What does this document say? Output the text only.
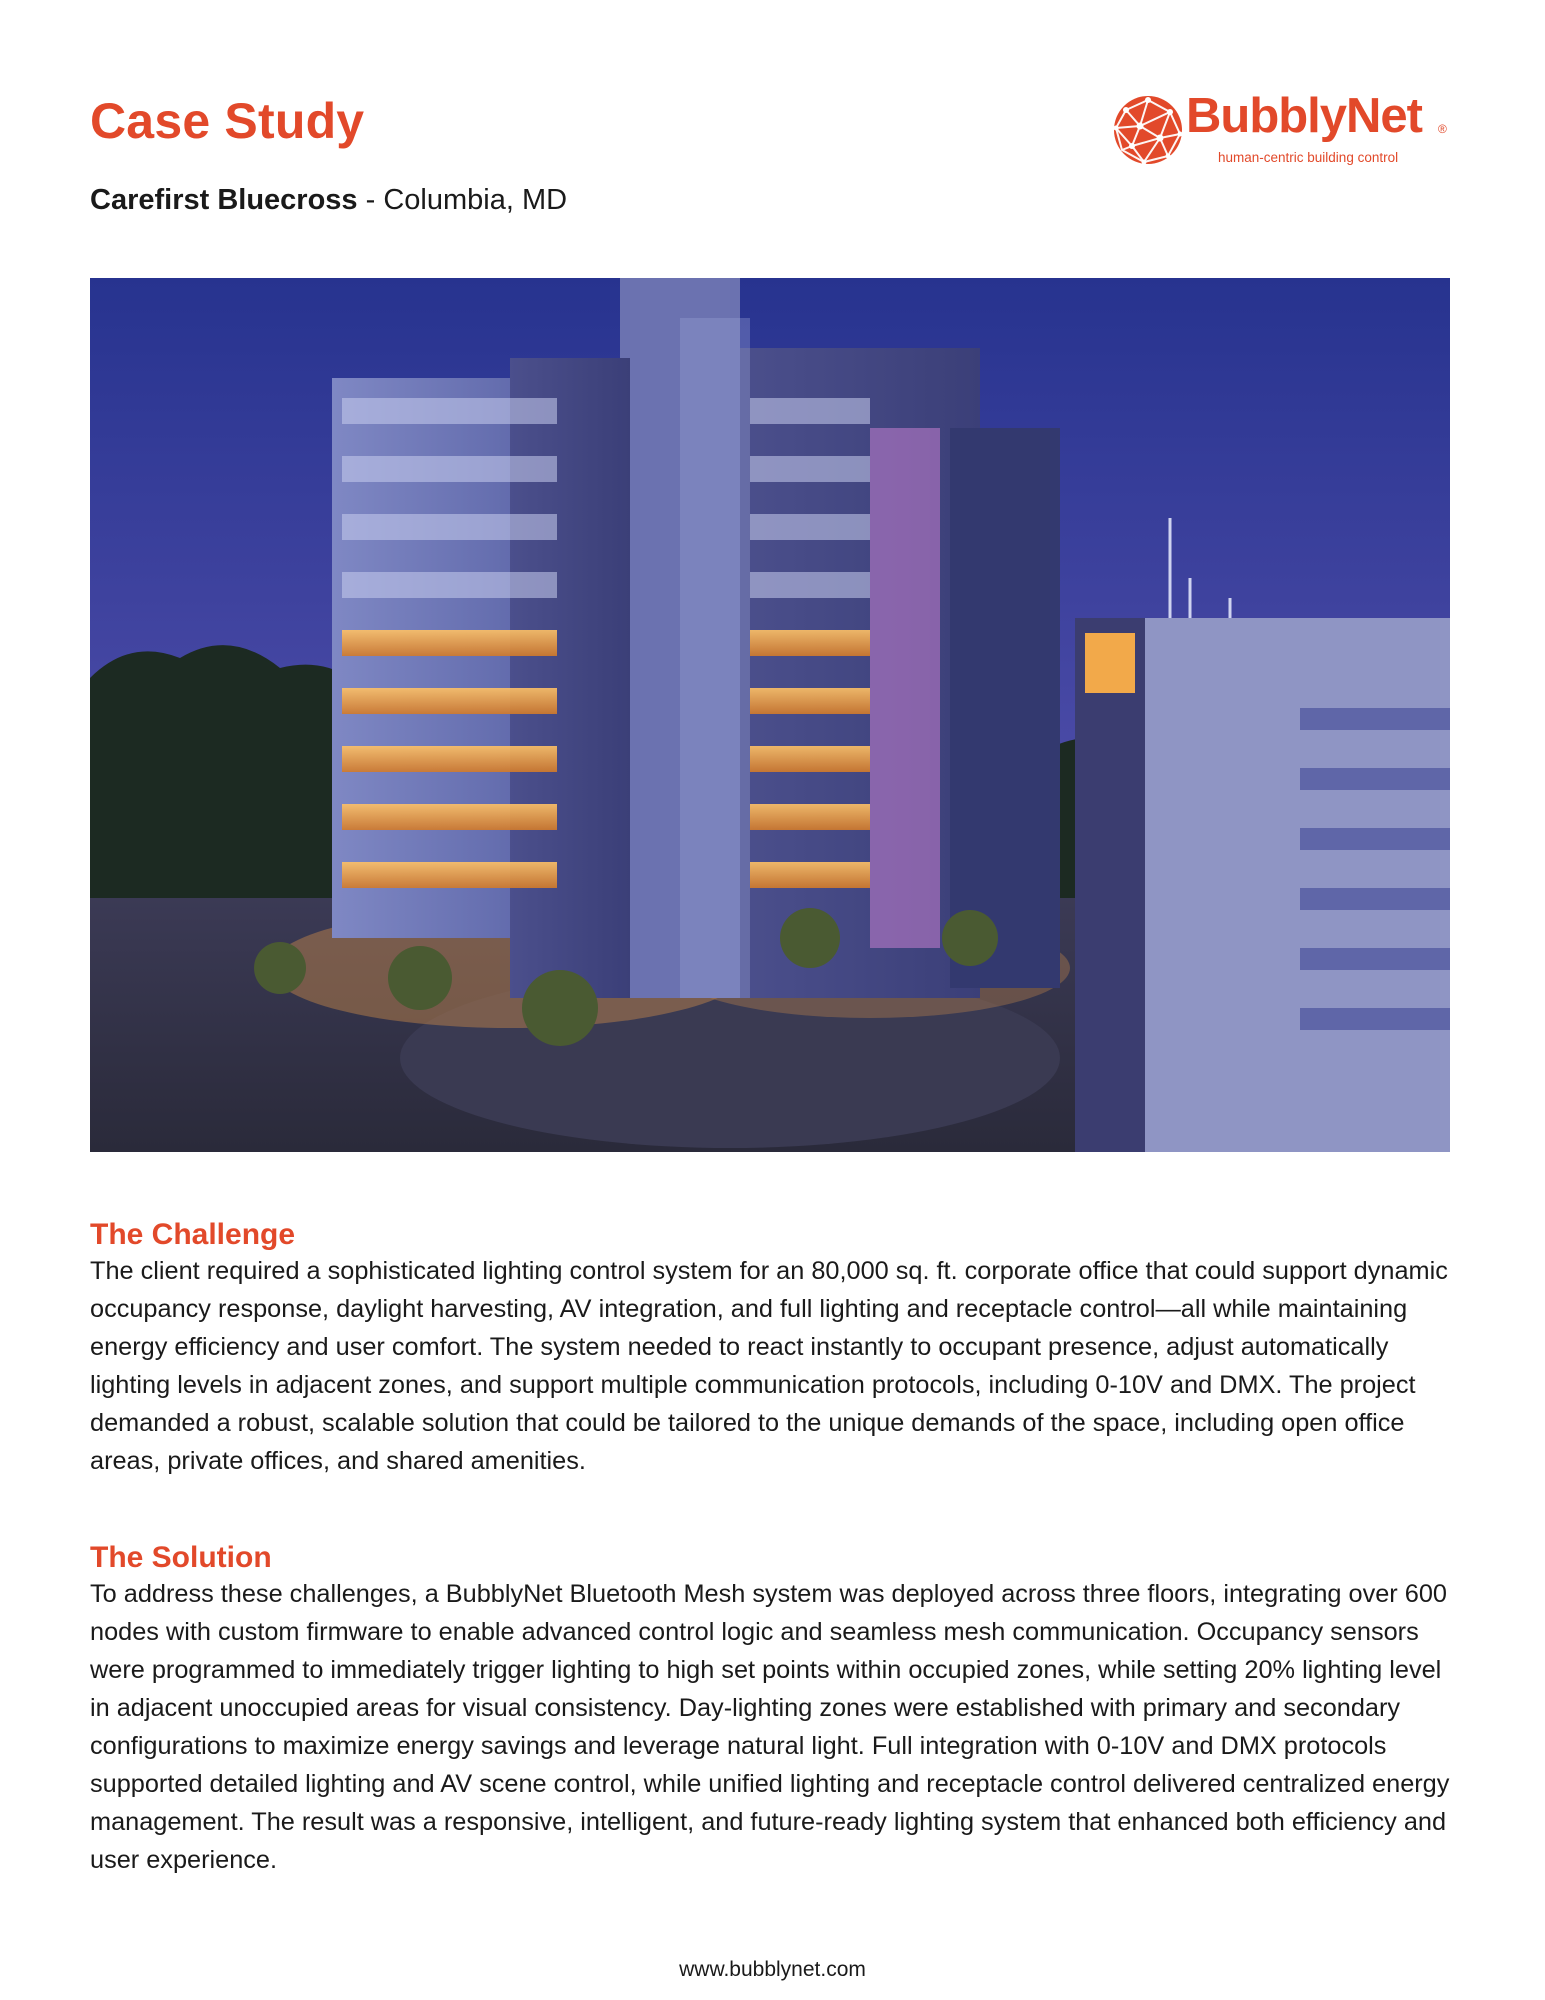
Case Study	BubblyNet ®
human-centric building control

Carefirst Bluecross - Columbia, MD

The Challenge

The client required a sophisticated lighting control system for an 80,000 sq. ft. corporate office that could support dynamic occupancy response, daylight harvesting, AV integration, and full lighting and receptacle control—all while maintaining energy efficiency and user comfort. The system needed to react instantly to occupant presence, adjust automatically lighting levels in adjacent zones, and support multiple communication protocols, including 0-10V and DMX. The project demanded a robust, scalable solution that could be tailored to the unique demands of the space, including open office areas, private offices, and shared amenities.

The Solution

To address these challenges, a BubblyNet Bluetooth Mesh system was deployed across three floors, integrating over 600 nodes with custom firmware to enable advanced control logic and seamless mesh communication. Occupancy sensors were programmed to immediately trigger lighting to high set points within occupied zones, while setting 20% lighting level in adjacent unoccupied areas for visual consistency. Day-lighting zones were established with primary and secondary configurations to maximize energy savings and leverage natural light. Full integration with 0-10V and DMX protocols supported detailed lighting and AV scene control, while unified lighting and receptacle control delivered centralized energy management. The result was a responsive, intelligent, and future-ready lighting system that enhanced both efficiency and user experience.

www.bubblynet.com
